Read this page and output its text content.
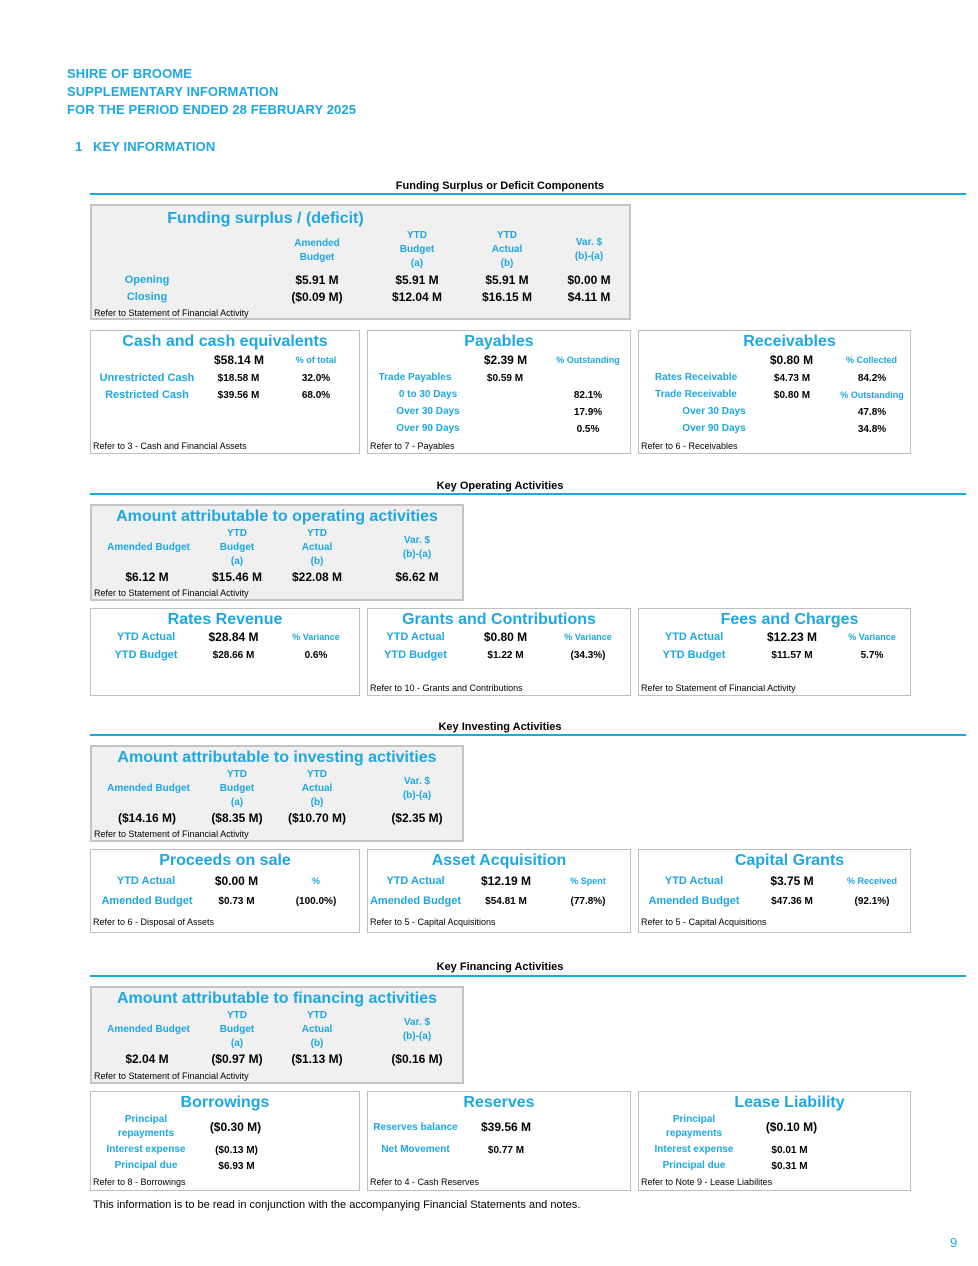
SHIRE OF BROOME
SUPPLEMENTARY INFORMATION
FOR THE PERIOD ENDED 28 FEBRUARY 2025
1 KEY INFORMATION
Funding Surplus or Deficit Components
Funding surplus / (deficit)
Amended
Budget
YTD
Budget
(a)
YTD
Actual
(b)
Var. $
(b)-(a)
Opening	$5.91 M	$5.91 M	$5.91 M	$0.00 M
Closing	($0.09 M)	$12.04 M	$16.15 M	$4.11 M
Refer to Statement of Financial Activity
Cash and cash equivalents
$58.14 M	% of total
Unrestricted Cash	$18.58 M	32.0%
Restricted Cash	$39.56 M	68.0%
Refer to 3 - Cash and Financial Assets
Payables
$2.39 M	% Outstanding
Trade Payables	$0.59 M
0 to 30 Days	82.1%
Over 30 Days	17.9%
Over 90 Days	0.5%
Refer to 7 - Payables
Receivables
$0.80 M	% Collected
Rates Receivable	$4.73 M	84.2%
Trade Receivable	$0.80 M	% Outstanding
Over 30 Days	47.8%
Over 90 Days	34.8%
Refer to 6 - Receivables
Key Operating Activities
Amount attributable to operating activities
Amended Budget
YTD
Budget
(a)
YTD
Actual
(b)
Var. $
(b)-(a)
$6.12 M	$15.46 M	$22.08 M	$6.62 M
Refer to Statement of Financial Activity
Rates Revenue
YTD Actual	$28.84 M	% Variance
YTD Budget	$28.66 M	0.6%
Grants and Contributions
YTD Actual	$0.80 M	% Variance
YTD Budget	$1.22 M	(34.3%)
Refer to 10 - Grants and Contributions
Fees and Charges
YTD Actual	$12.23 M	% Variance
YTD Budget	$11.57 M	5.7%
Refer to Statement of Financial Activity
Key Investing Activities
Amount attributable to investing activities
Amended Budget
YTD
Budget
(a)
YTD
Actual
(b)
Var. $
(b)-(a)
($14.16 M)	($8.35 M)	($10.70 M)	($2.35 M)
Refer to Statement of Financial Activity
Proceeds on sale
YTD Actual	$0.00 M	%
Amended Budget	$0.73 M	(100.0%)
Refer to 6 - Disposal of Assets
Asset Acquisition
YTD Actual	$12.19 M	% Spent
Amended Budget	$54.81 M	(77.8%)
Refer to 5 - Capital Acquisitions
Capital Grants
YTD Actual	$3.75 M	% Received
Amended Budget	$47.36 M	(92.1%)
Refer to 5 - Capital Acquisitions
Key Financing Activities
Amount attributable to financing activities
Amended Budget
YTD
Budget
(a)
YTD
Actual
(b)
Var. $
(b)-(a)
$2.04 M	($0.97 M)	($1.13 M)	($0.16 M)
Refer to Statement of Financial Activity
Borrowings
Principal
repayments	($0.30 M)
Interest expense	($0.13 M)
Principal due	$6.93 M
Refer to 8 - Borrowings
Reserves
Reserves balance	$39.56 M
Net Movement	$0.77 M
Refer to 4 - Cash Reserves
Lease Liability
Principal
repayments	($0.10 M)
Interest expense	$0.01 M
Principal due	$0.31 M
Refer to Note 9 - Lease Liabilites
This information is to be read in conjunction with the accompanying Financial Statements and notes.
9
